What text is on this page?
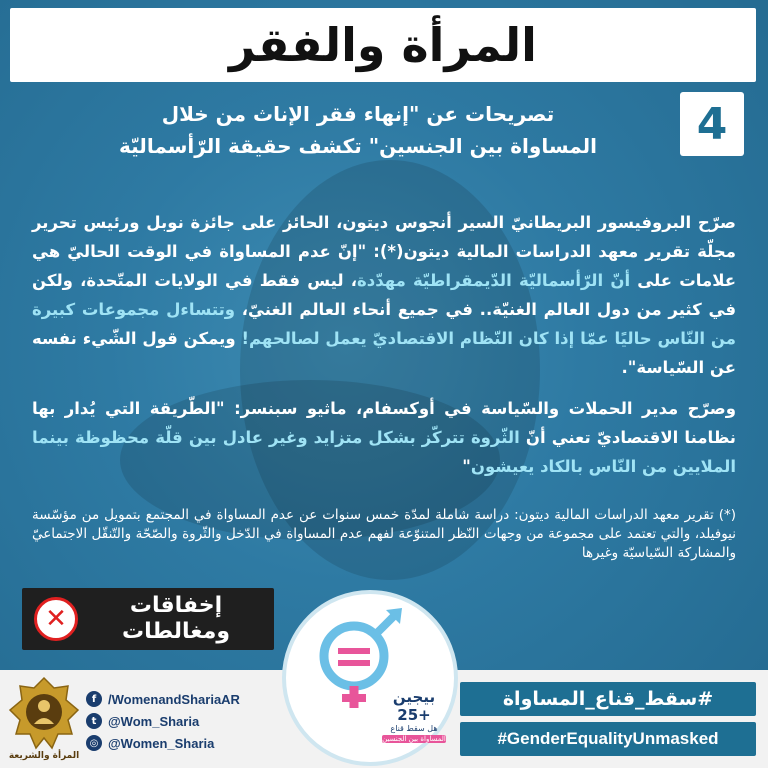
المرأة والفقر
4
تصريحات عن "إنهاء فقر الإناث من خلال
المساواة بين الجنسين" تكشف حقيقة الرّأسماليّة
صرّح البروفيسور البريطانيّ السير أنجوس ديتون، الحائز على جائزة نوبل ورئيس تحرير مجلّة تقرير معهد الدراسات المالية ديتون(*): "إنّ عدم المساواة في الوقت الحاليّ هي علامات على أنّ الرّأسماليّة الدّيمقراطيّة مهدّدة، ليس فقط في الولايات المتّحدة، ولكن في كثير من دول العالم الغنيّة.. في جميع أنحاء العالم الغنيّ، وتتساءل مجموعات كبيرة من النّاس حاليًا عمّا إذا كان النّظام الاقتصاديّ يعمل لصالحهم! ويمكن قول الشّيء نفسه عن السّياسة".
وصرّح مدير الحملات والسّياسة في أوكسفام، ماثيو سبنسر: "الطّريقة التي يُدار بها نظامنا الاقتصاديّ تعني أنّ الثّروة تتركّز بشكل متزايد وغير عادل بين قلّة محظوظة بينما الملايين من النّاس بالكاد يعيشون"
(*) تقرير معهد الدراسات المالية ديتون: دراسة شاملة لمدّة خمس سنوات عن عدم المساواة في المجتمع بتمويل من مؤسّسة نيوفيلد، والتي تعتمد على مجموعة من وجهات النّظر المتنوّعة لفهم عدم المساواة في الدّخل والثّروة والصّحّة والتّنقّل الاجتماعيّ والمشاركة السّياسيّة وغيرها
✕	إخفاقات
ومغالطات
المرأة والشريعة
f /WomenandShariaAR
t @Wom_Sharia
◎ @Women_Sharia
بيجين +25
هل سقط قناع
المساواة بين الجنسين
#سقط_قناع_المساواة
#GenderEqualityUnmasked
